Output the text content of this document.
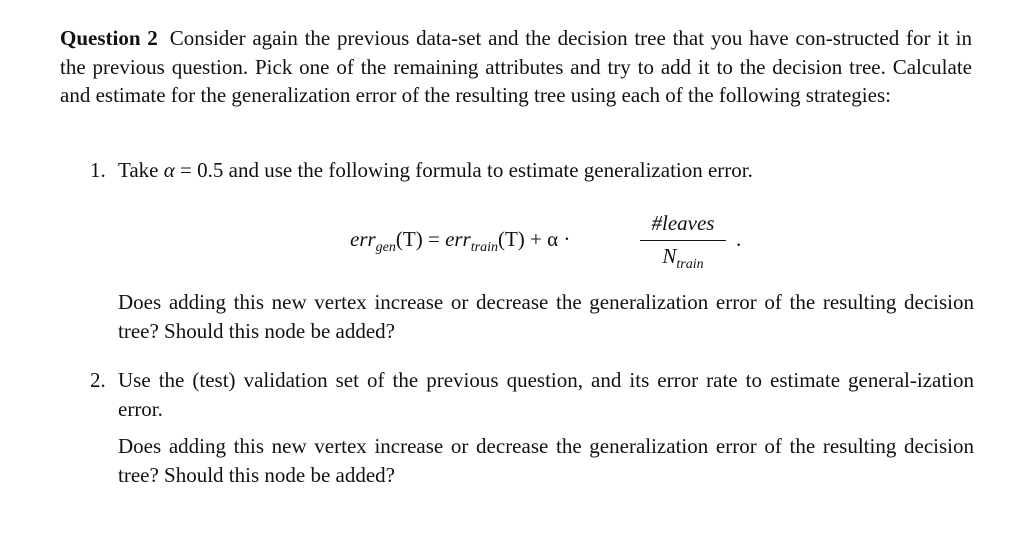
Question 2 Consider again the previous data-set and the decision tree that you have con-structed for it in the previous question. Pick one of the remaining attributes and try to add it to the decision tree. Calculate and estimate for the generalization error of the resulting tree using each of the following strategies:
1. Take α = 0.5 and use the following formula to estimate generalization error.
err$_{gen}$(T) = err$_{train}$(T) + α ·
#leaves
$N_{train}$
.
Does adding this new vertex increase or decrease the generalization error of the resulting decision tree? Should this node be added?
2. Use the (test) validation set of the previous question, and its error rate to estimate general-ization error.
Does adding this new vertex increase or decrease the generalization error of the resulting decision tree? Should this node be added?
